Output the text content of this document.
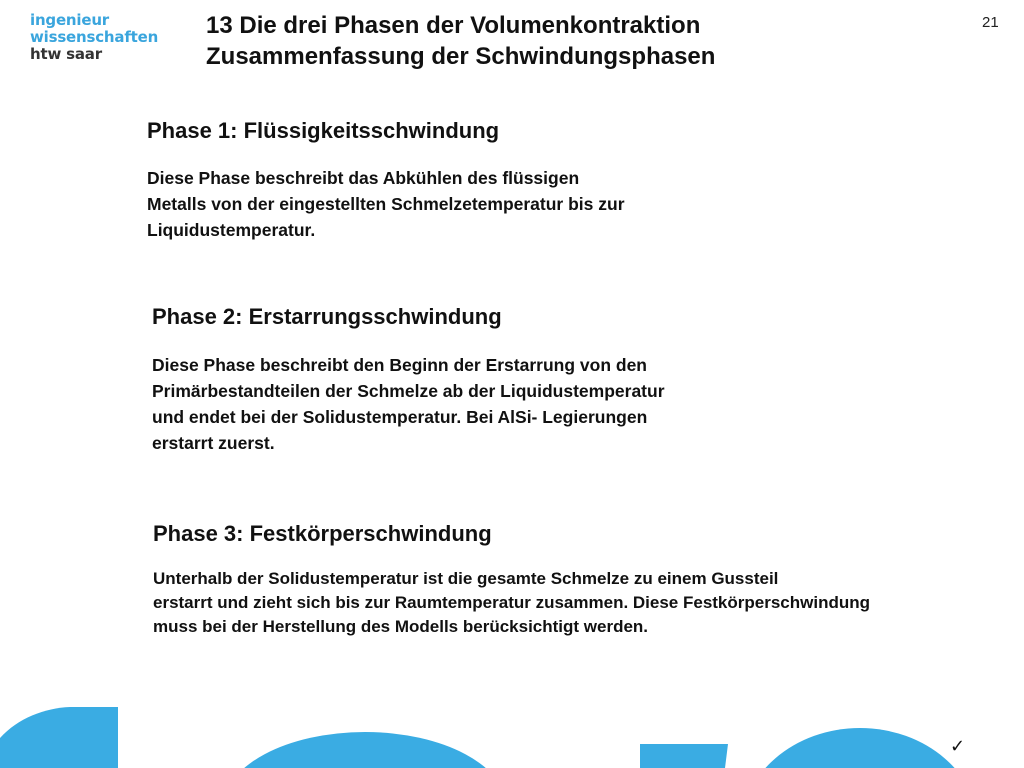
ingenieur
wissenschaften
htw saar
13 Die drei Phasen der Volumenkontraktion
Zusammenfassung der Schwindungsphasen
21
Phase 1: Flüssigkeitsschwindung

Diese Phase beschreibt das Abkühlen des flüssigen
Metalls von der eingestellten Schmelzetemperatur bis zur
Liquidustemperatur.

Phase 2: Erstarrungsschwindung

Diese Phase beschreibt den Beginn der Erstarrung von den
Primärbestandteilen der Schmelze ab der Liquidustemperatur
und endet bei der Solidustemperatur. Bei AlSi- Legierungen
erstarrt zuerst.

Phase 3: Festkörperschwindung

Unterhalb der Solidustemperatur ist die gesamte Schmelze zu einem Gussteil
erstarrt und zieht sich bis zur Raumtemperatur zusammen. Diese Festkörperschwindung
muss bei der Herstellung des Modells berücksichtigt werden.

✓
